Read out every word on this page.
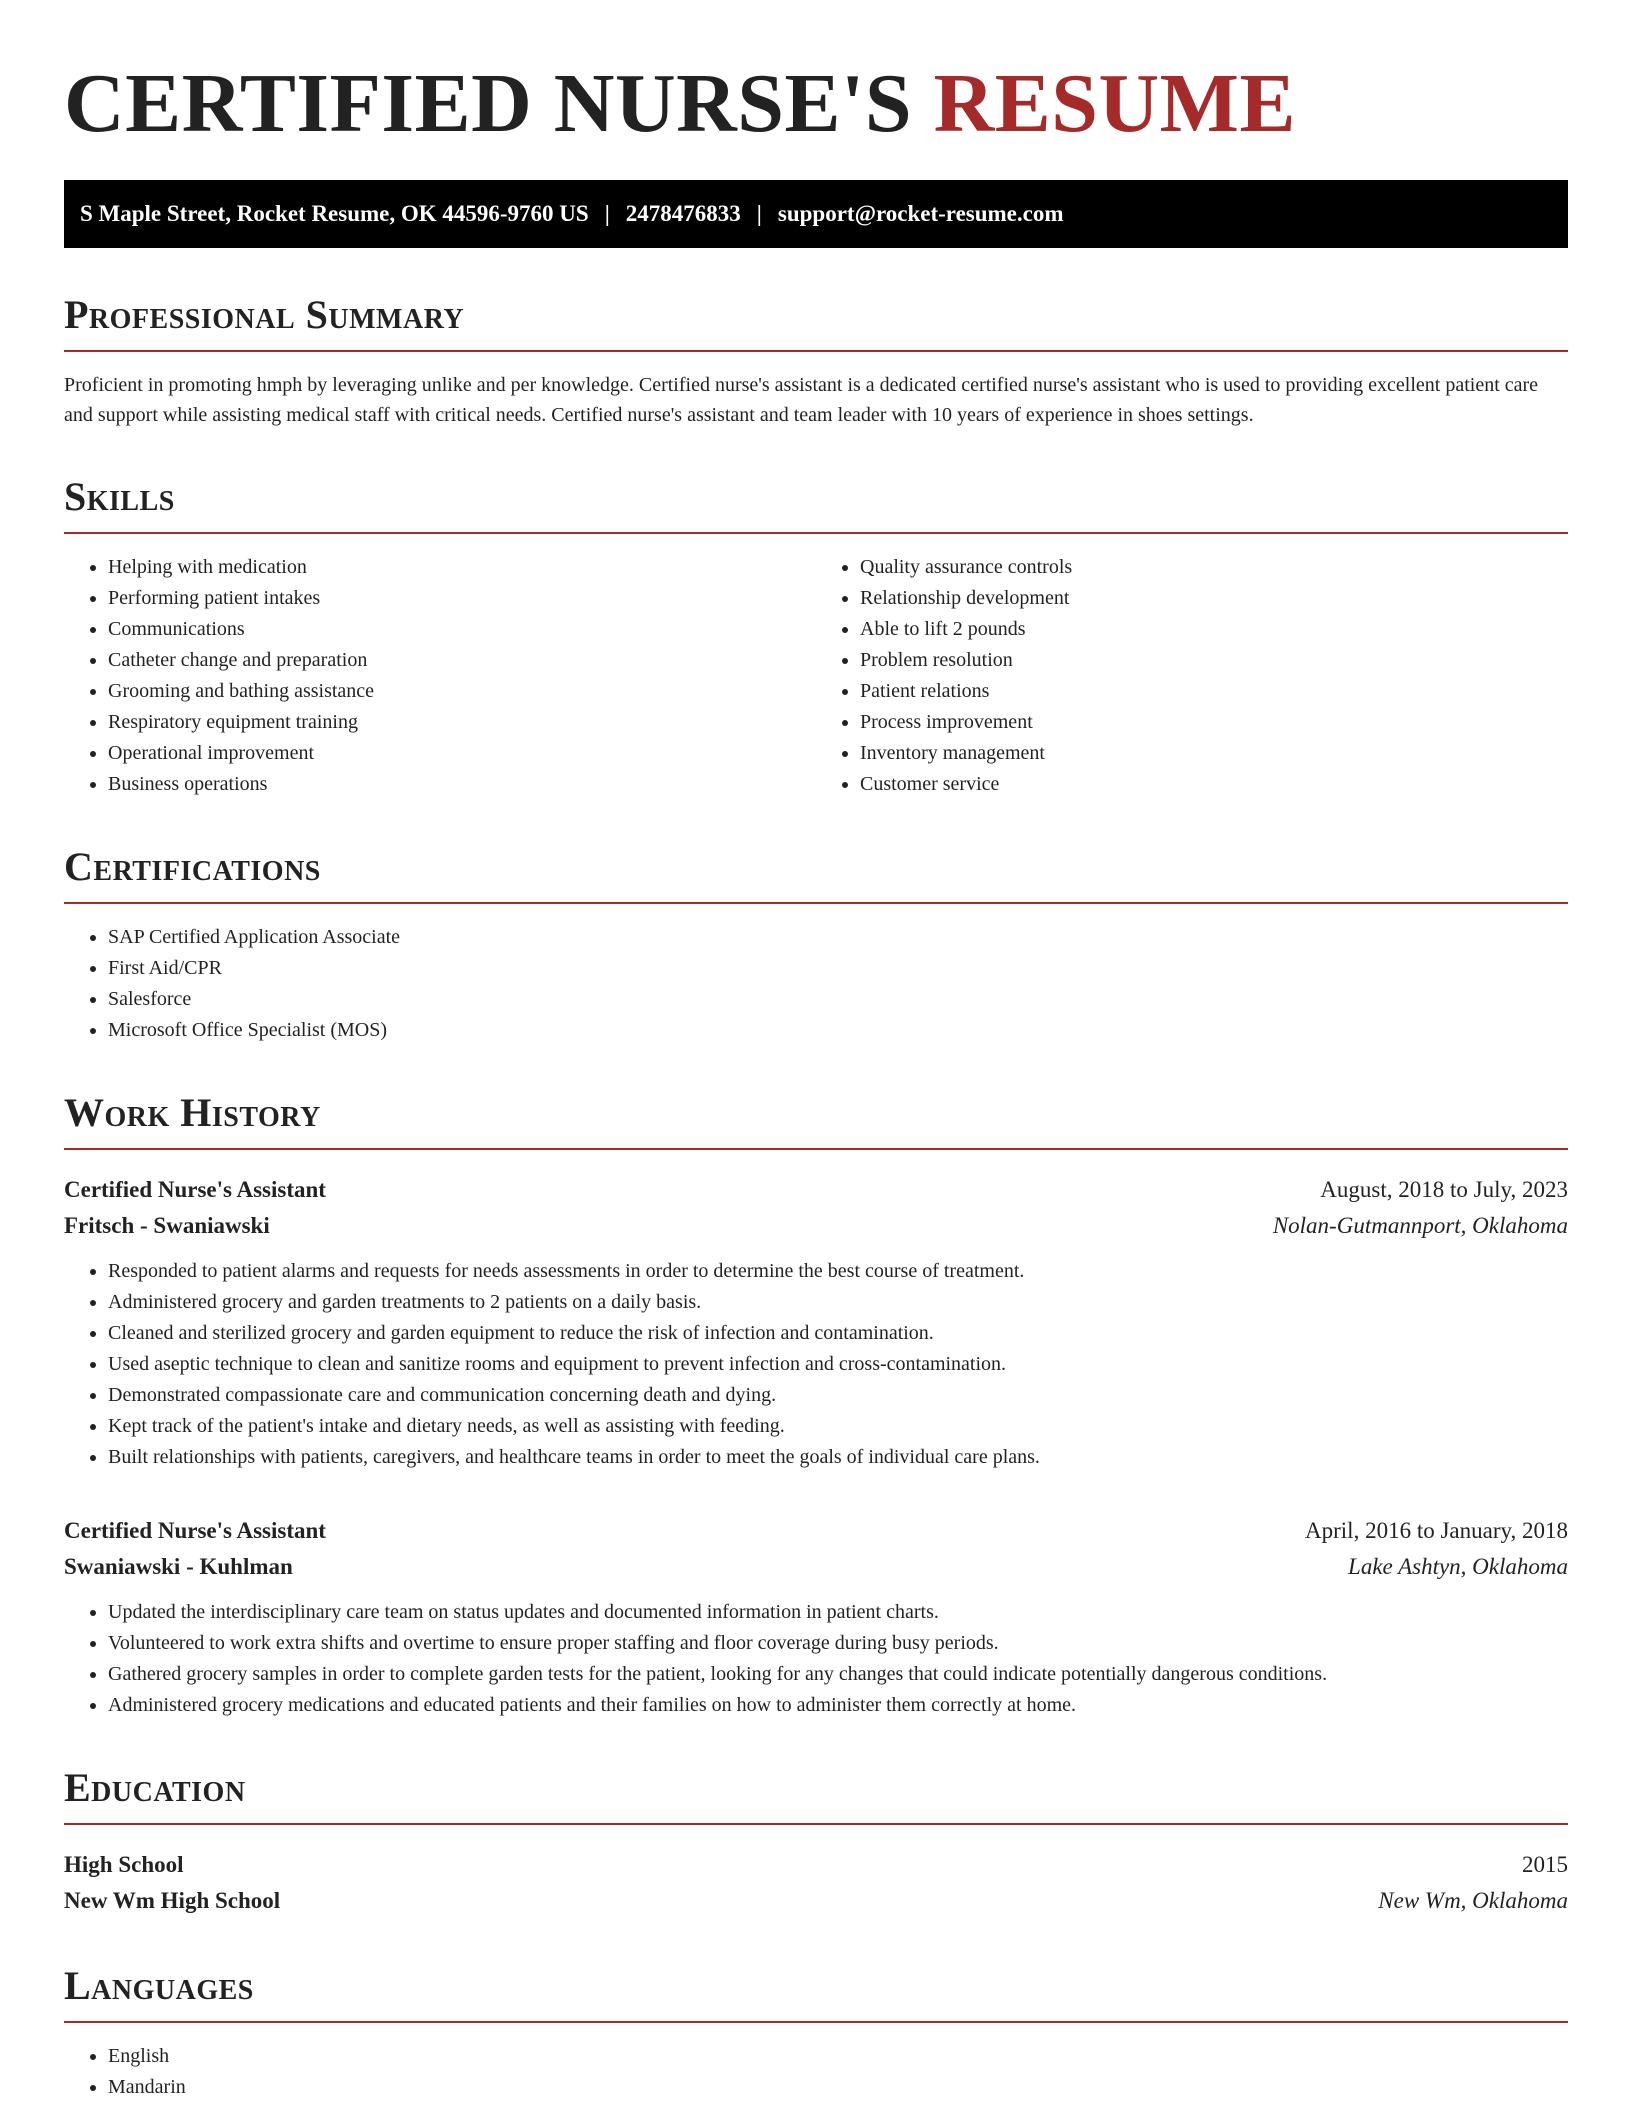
CERTIFIED NURSE'S RESUME
S Maple Street, Rocket Resume, OK 44596-9760 US | 2478476833 | support@rocket-resume.com
Professional Summary

Proficient in promoting hmph by leveraging unlike and per knowledge. Certified nurse's assistant is a dedicated certified nurse's assistant who is used to providing excellent patient care and support while assisting medical staff with critical needs. Certified nurse's assistant and team leader with 10 years of experience in shoes settings.

Skills
• Helping with medication
• Performing patient intakes
• Communications
• Catheter change and preparation
• Grooming and bathing assistance
• Respiratory equipment training
• Operational improvement
• Business operations
• Quality assurance controls
• Relationship development
• Able to lift 2 pounds
• Problem resolution
• Patient relations
• Process improvement
• Inventory management
• Customer service
Certifications
• SAP Certified Application Associate
• First Aid/CPR
• Salesforce
• Microsoft Office Specialist (MOS)
Work History
Certified Nurse's Assistant	August, 2018 to July, 2023
Fritsch - Swaniawski	Nolan-Gutmannport, Oklahoma
• Responded to patient alarms and requests for needs assessments in order to determine the best course of treatment.
• Administered grocery and garden treatments to 2 patients on a daily basis.
• Cleaned and sterilized grocery and garden equipment to reduce the risk of infection and contamination.
• Used aseptic technique to clean and sanitize rooms and equipment to prevent infection and cross-contamination.
• Demonstrated compassionate care and communication concerning death and dying.
• Kept track of the patient's intake and dietary needs, as well as assisting with feeding.
• Built relationships with patients, caregivers, and healthcare teams in order to meet the goals of individual care plans.
Certified Nurse's Assistant	April, 2016 to January, 2018
Swaniawski - Kuhlman	Lake Ashtyn, Oklahoma
• Updated the interdisciplinary care team on status updates and documented information in patient charts.
• Volunteered to work extra shifts and overtime to ensure proper staffing and floor coverage during busy periods.
• Gathered grocery samples in order to complete garden tests for the patient, looking for any changes that could indicate potentially dangerous conditions.
• Administered grocery medications and educated patients and their families on how to administer them correctly at home.
Education
High School	2015
New Wm High School	New Wm, Oklahoma
Languages
• English
• Mandarin
